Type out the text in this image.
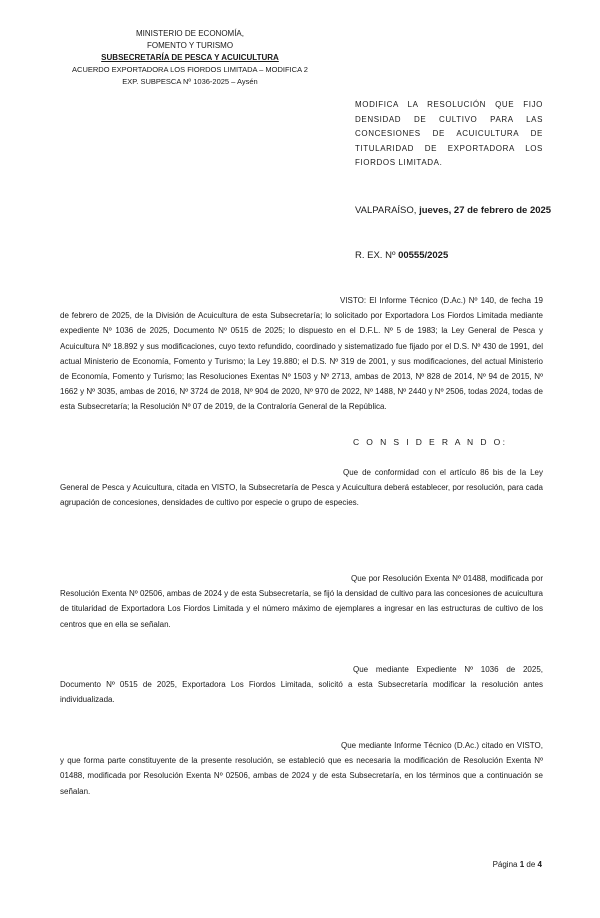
MINISTERIO DE ECONOMÍA,
FOMENTO Y TURISMO
SUBSECRETARÍA DE PESCA Y ACUICULTURA
ACUERDO EXPORTADORA LOS FIORDOS LIMITADA – MODIFICA 2
EXP. SUBPESCA Nº 1036-2025 – Aysén
MODIFICA LA RESOLUCIÓN QUE FIJO DENSIDAD DE CULTIVO PARA LAS CONCESIONES DE ACUICULTURA DE TITULARIDAD DE EXPORTADORA LOS FIORDOS LIMITADA.
VALPARAÍSO, jueves, 27 de febrero de 2025
R. EX. Nº 00555/2025
VISTO: El Informe Técnico (D.Ac.) Nº 140, de fecha 19 de febrero de 2025, de la División de Acuicultura de esta Subsecretaría; lo solicitado por Exportadora Los Fiordos Limitada mediante expediente Nº 1036 de 2025, Documento Nº 0515 de 2025; lo dispuesto en el D.F.L. Nº 5 de 1983; la Ley General de Pesca y Acuicultura Nº 18.892 y sus modificaciones, cuyo texto refundido, coordinado y sistematizado fue fijado por el D.S. Nº 430 de 1991, del actual Ministerio de Economía, Fomento y Turismo; la Ley 19.880; el D.S. Nº 319 de 2001, y sus modificaciones, del actual Ministerio de Economía, Fomento y Turismo; las Resoluciones Exentas Nº 1503 y Nº 2713, ambas de 2013, Nº 828 de 2014, Nº 94 de 2015, Nº 1662 y Nº 3035, ambas de 2016, Nº 3724 de 2018, Nº 904 de 2020, Nº 970 de 2022, Nº 1488, Nº 2440 y Nº 2506, todas 2024, todas de esta Subsecretaría; la Resolución Nº 07 de 2019, de la Contraloría General de la República.
C O N S I D E R A N D O:
Que de conformidad con el artículo 86 bis de la Ley General de Pesca y Acuicultura, citada en VISTO, la Subsecretaría de Pesca y Acuicultura deberá establecer, por resolución, para cada agrupación de concesiones, densidades de cultivo por especie o grupo de especies.
Que por Resolución Exenta Nº 01488, modificada por Resolución Exenta Nº 02506, ambas de 2024 y de esta Subsecretaría, se fijó la densidad de cultivo para las concesiones de acuicultura de titularidad de Exportadora Los Fiordos Limitada y el número máximo de ejemplares a ingresar en las estructuras de cultivo de los centros que en ella se señalan.
Que mediante Expediente Nº 1036 de 2025, Documento Nº 0515 de 2025, Exportadora Los Fiordos Limitada, solicitó a esta Subsecretaría modificar la resolución antes individualizada.
Que mediante Informe Técnico (D.Ac.) citado en VISTO, y que forma parte constituyente de la presente resolución, se estableció que es necesaria la modificación de Resolución Exenta Nº 01488, modificada por Resolución Exenta Nº 02506, ambas de 2024 y de esta Subsecretaría, en los términos que a continuación se señalan.
Página 1 de 4
